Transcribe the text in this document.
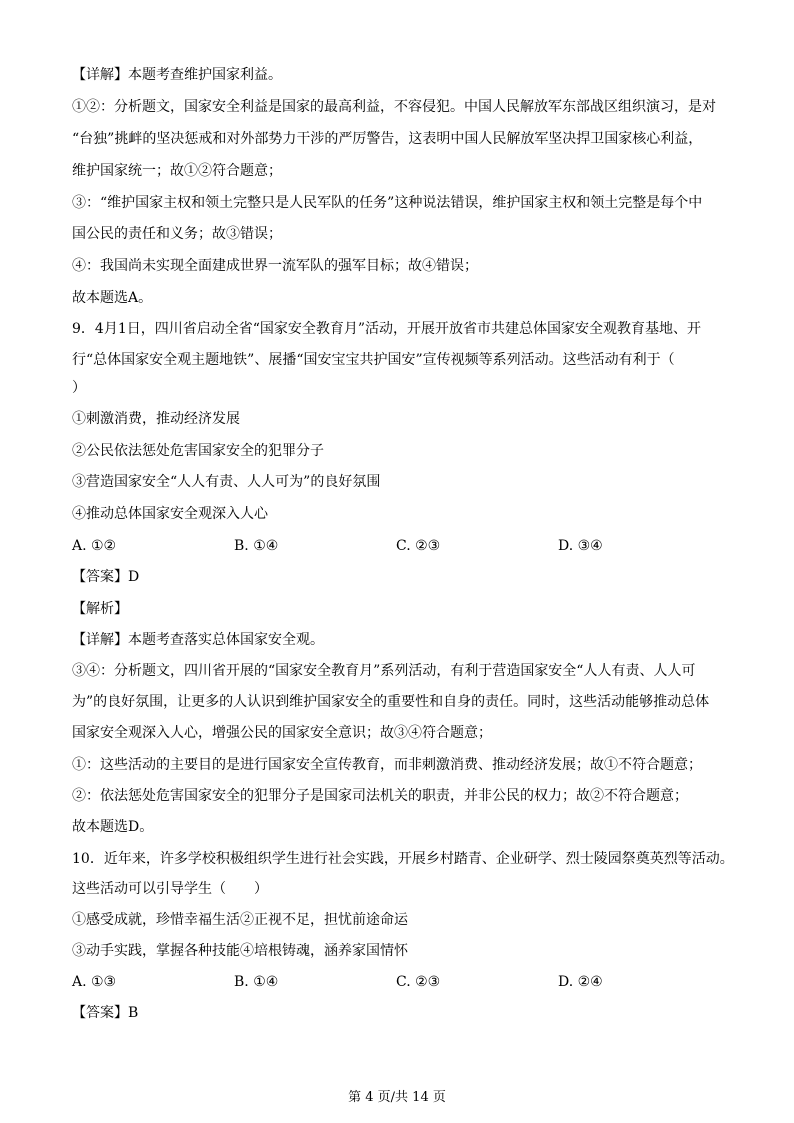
【详解】本题考查维护国家利益。
①②：分析题文，国家安全利益是国家的最高利益，不容侵犯。中国人民解放军东部战区组织演习，是对
“台独”挑衅的坚决惩戒和对外部势力干涉的严厉警告，这表明中国人民解放军坚决捍卫国家核心利益，
维护国家统一；故①②符合题意；
③：“维护国家主权和领土完整只是人民军队的任务”这种说法错误，维护国家主权和领土完整是每个中
国公民的责任和义务；故③错误；
④：我国尚未实现全面建成世界一流军队的强军目标；故④错误；
故本题选A。
9．4月1日，四川省启动全省“国家安全教育月”活动，开展开放省市共建总体国家安全观教育基地、开
行“总体国家安全观主题地铁”、展播“国安宝宝共护国安”宣传视频等系列活动。这些活动有利于（
）
①刺激消费，推动经济发展
②公民依法惩处危害国家安全的犯罪分子
③营造国家安全“人人有责、人人可为”的良好氛围
④推动总体国家安全观深入人心
A. ①②	B. ①④	C. ②③	D. ③④
【答案】D
【解析】
【详解】本题考查落实总体国家安全观。
③④：分析题文，四川省开展的“国家安全教育月”系列活动，有利于营造国家安全“人人有责、人人可
为”的良好氛围，让更多的人认识到维护国家安全的重要性和自身的责任。同时，这些活动能够推动总体
国家安全观深入人心，增强公民的国家安全意识；故③④符合题意；
①：这些活动的主要目的是进行国家安全宣传教育，而非刺激消费、推动经济发展；故①不符合题意；
②：依法惩处危害国家安全的犯罪分子是国家司法机关的职责，并非公民的权力；故②不符合题意；
故本题选D。
10．近年来，许多学校积极组织学生进行社会实践，开展乡村踏青、企业研学、烈士陵园祭奠英烈等活动。
这些活动可以引导学生（　　）
①感受成就，珍惜幸福生活②正视不足，担忧前途命运
③动手实践，掌握各种技能④培根铸魂，涵养家国情怀
A. ①③	B. ①④	C. ②③	D. ②④
【答案】B
第 4 页/共 14 页
